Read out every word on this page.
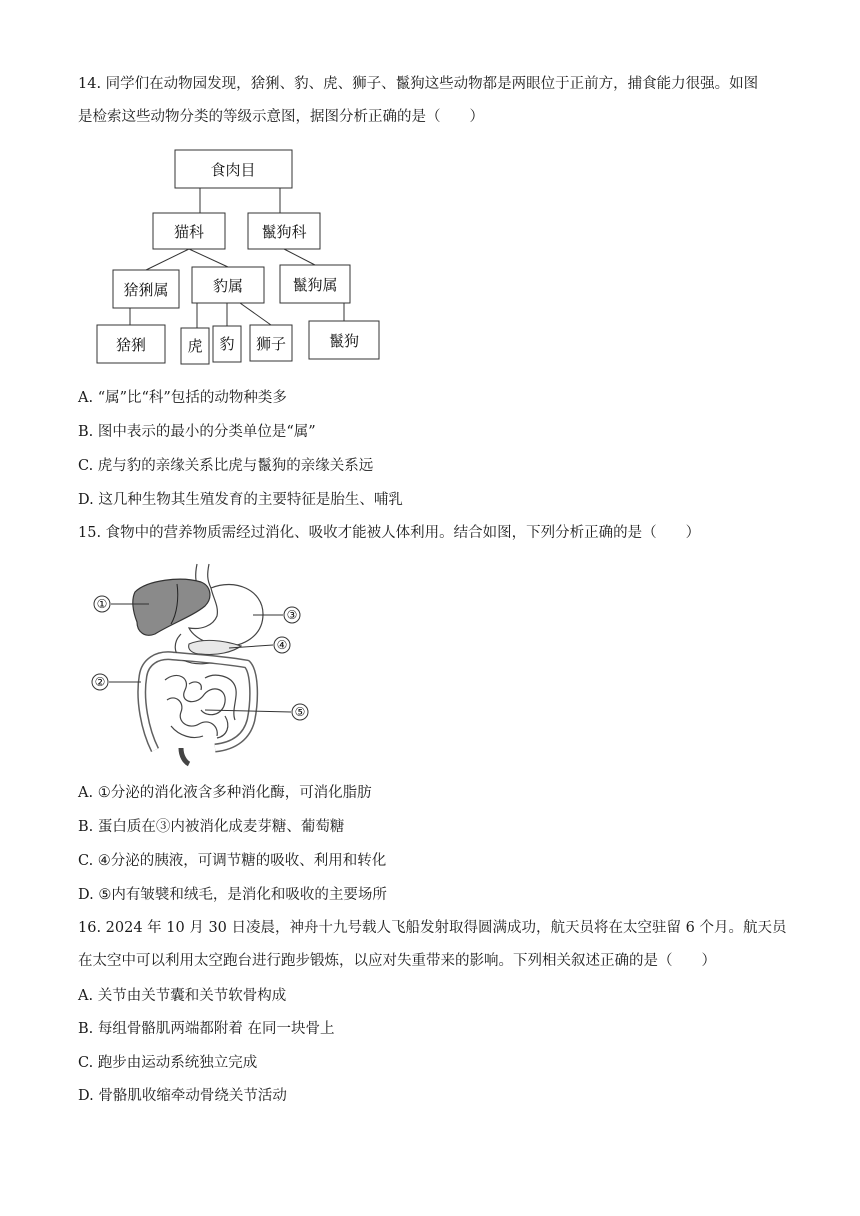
14. 同学们在动物园发现，猞猁、豹、虎、狮子、鬣狗这些动物都是两眼位于正前方，捕食能力很强。如图
是检索这些动物分类的等级示意图，据图分析正确的是（　　）
食肉目
猫科	鬣狗科
猞猁属	豹属	鬣狗属
猞猁	虎 豹 狮子	鬣狗
A. “属”比“科”包括的动物种类多
B. 图中表示的最小的分类单位是“属”
C. 虎与豹的亲缘关系比虎与鬣狗的亲缘关系远
D. 这几种生物其生殖发育的主要特征是胎生、哺乳
15. 食物中的营养物质需经过消化、吸收才能被人体利用。结合如图，下列分析正确的是（　　）
①
②
③
④
⑤
A. ①分泌的消化液含多种消化酶，可消化脂肪
B. 蛋白质在③内被消化成麦芽糖、葡萄糖
C. ④分泌的胰液，可调节糖的吸收、利用和转化
D. ⑤内有皱襞和绒毛，是消化和吸收的主要场所
16. 2024 年 10 月 30 日凌晨，神舟十九号载人飞船发射取得圆满成功，航天员将在太空驻留 6 个月。航天员
在太空中可以利用太空跑台进行跑步锻炼，以应对失重带来的影响。下列相关叙述正确的是（　　）
A. 关节由关节囊和关节软骨构成
B. 每组骨骼肌两端都附着 在同一块骨上
C. 跑步由运动系统独立完成
D. 骨骼肌收缩牵动骨绕关节活动
